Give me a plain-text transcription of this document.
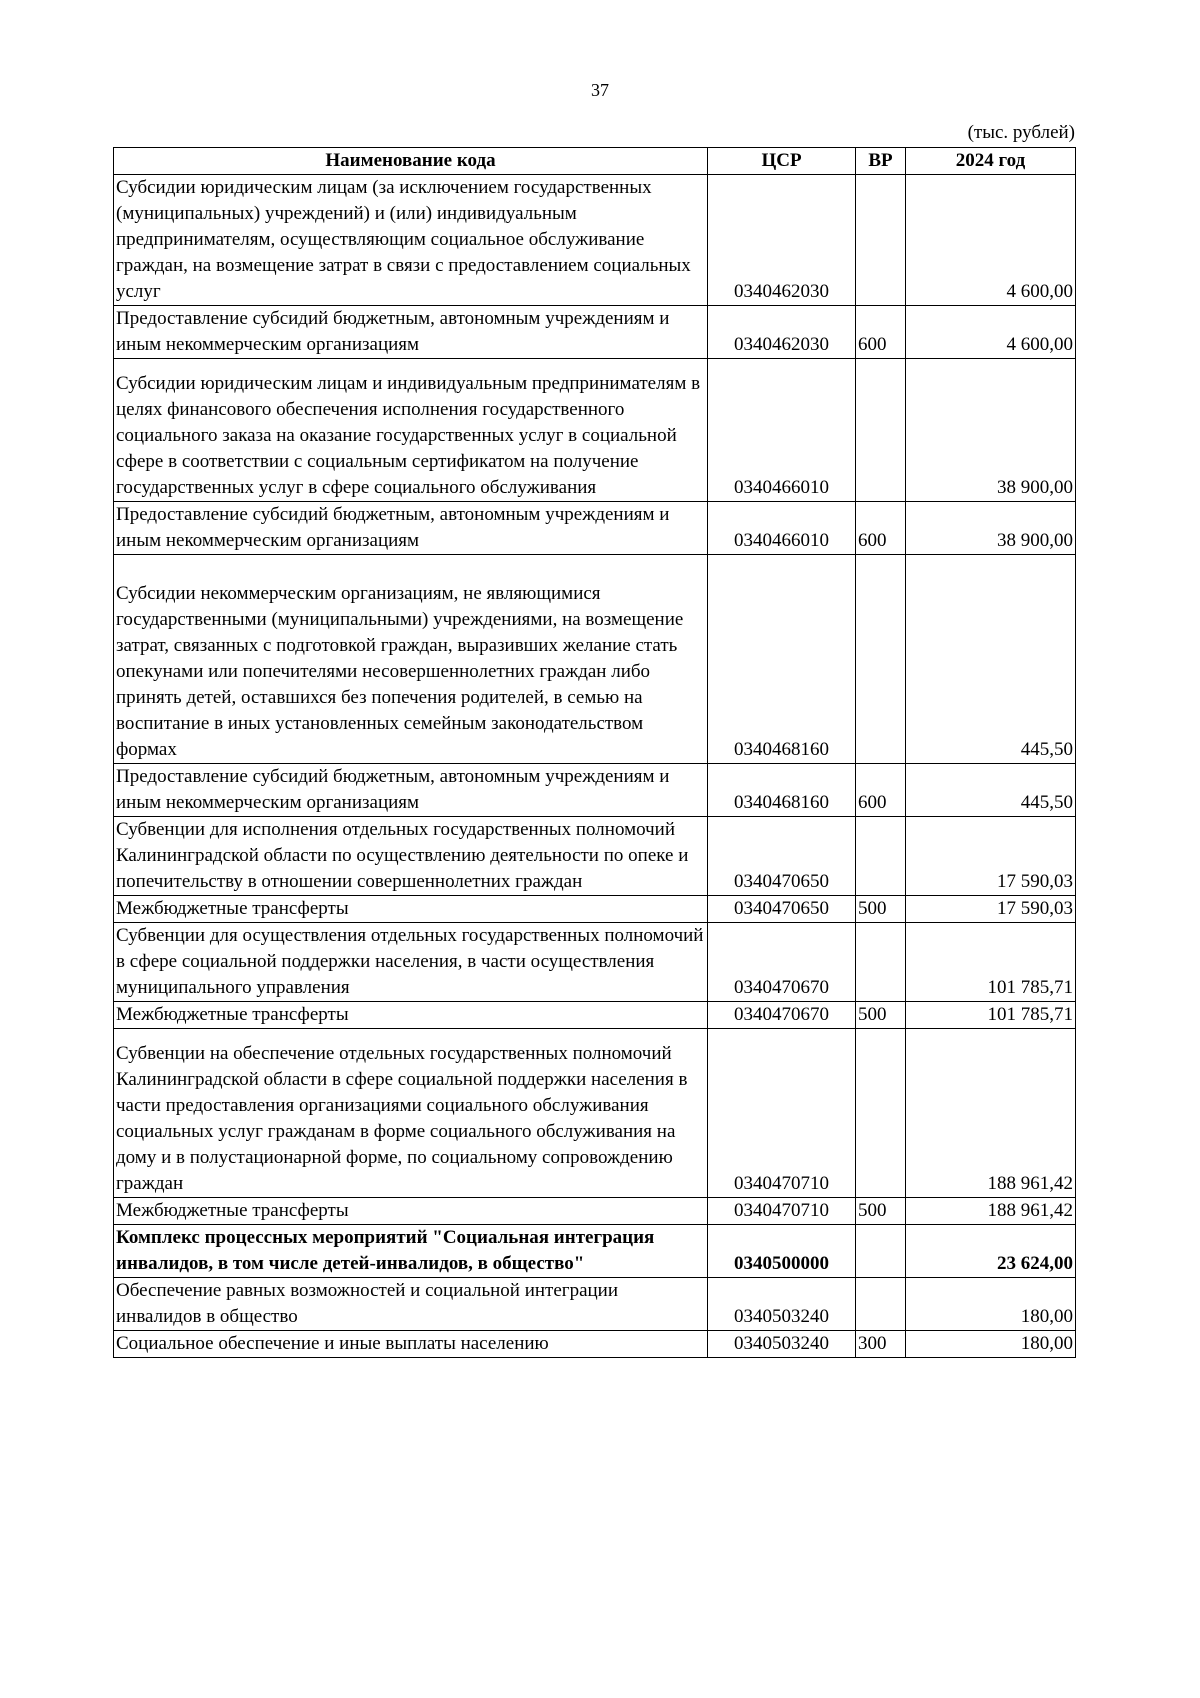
37
(тыс. рублей)
Наименование кода	ЦСР	ВР	2024 год
Субсидии юридическим лицам (за исключением государственных (муниципальных) учреждений) и (или) индивидуальным предпринимателям, осуществляющим социальное обслуживание граждан, на возмещение затрат в связи с предоставлением социальных услуг	0340462030		4 600,00
Предоставление субсидий бюджетным, автономным учреждениям и иным некоммерческим организациям	0340462030	600	4 600,00
Субсидии юридическим лицам и индивидуальным предпринимателям в целях финансового обеспечения исполнения государственного социального заказа на оказание государственных услуг в социальной сфере в соответствии с социальным сертификатом на получение государственных услуг в сфере социального обслуживания	0340466010		38 900,00
Предоставление субсидий бюджетным, автономным учреждениям и иным некоммерческим организациям	0340466010	600	38 900,00
Субсидии некоммерческим организациям, не являющимися государственными (муниципальными) учреждениями, на возмещение затрат, связанных с подготовкой граждан, выразивших желание стать опекунами или попечителями несовершеннолетних граждан либо принять детей, оставшихся без попечения родителей, в семью на воспитание в иных установленных семейным законодательством формах	0340468160		445,50
Предоставление субсидий бюджетным, автономным учреждениям и иным некоммерческим организациям	0340468160	600	445,50
Субвенции для исполнения отдельных государственных полномочий Калининградской области по осуществлению деятельности по опеке и попечительству в отношении совершеннолетних граждан	0340470650		17 590,03
Межбюджетные трансферты	0340470650	500	17 590,03
Субвенции для осуществления отдельных государственных полномочий в сфере социальной поддержки населения, в части осуществления муниципального управления	0340470670		101 785,71
Межбюджетные трансферты	0340470670	500	101 785,71
Субвенции на обеспечение отдельных государственных полномочий Калининградской области в сфере социальной поддержки населения в части предоставления организациями социального обслуживания социальных услуг гражданам в форме социального обслуживания на дому и в полустационарной форме, по социальному сопровождению граждан	0340470710		188 961,42
Межбюджетные трансферты	0340470710	500	188 961,42
Комплекс процессных мероприятий "Социальная интеграция инвалидов, в том числе детей-инвалидов, в общество"	0340500000		23 624,00
Обеспечение равных возможностей и социальной интеграции инвалидов в общество	0340503240		180,00
Социальное обеспечение и иные выплаты населению	0340503240	300	180,00
